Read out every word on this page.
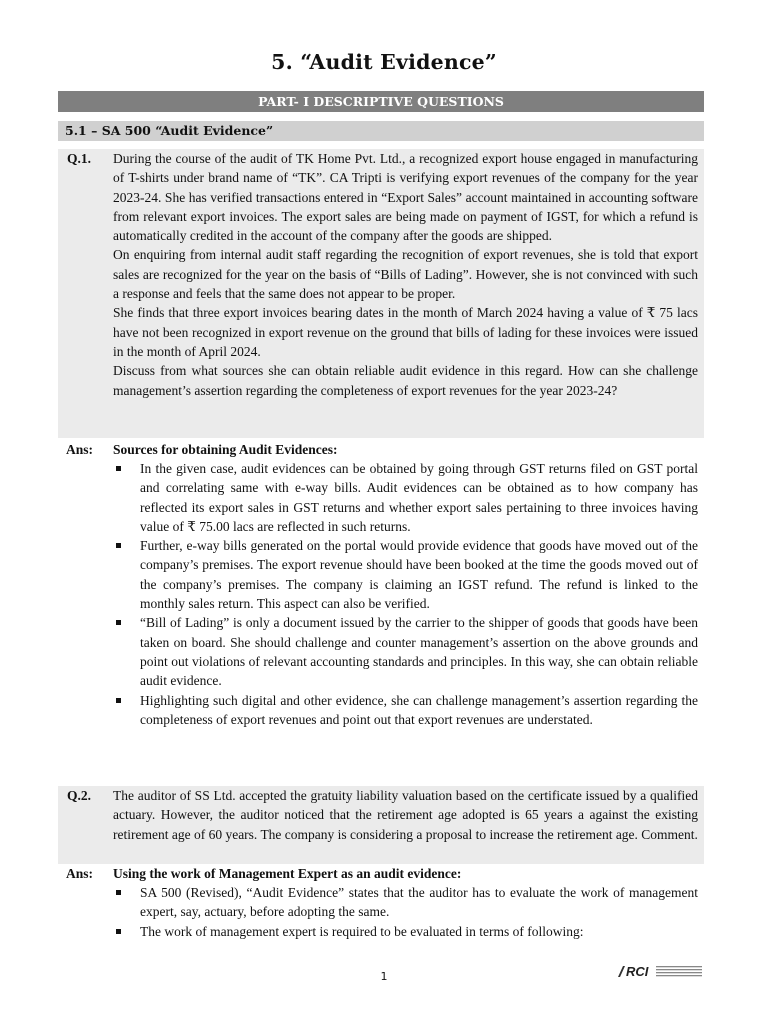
5. “Audit Evidence”
PART- I DESCRIPTIVE QUESTIONS
5.1 – SA 500 “Audit Evidence”
Q.1. During the course of the audit of TK Home Pvt. Ltd., a recognized export house engaged in manufacturing of T-shirts under brand name of “TK”. CA Tripti is verifying export revenues of the company for the year 2023-24. She has verified transactions entered in “Export Sales” account maintained in accounting software from relevant export invoices. The export sales are being made on payment of IGST, for which a refund is automatically credited in the account of the company after the goods are shipped.

On enquiring from internal audit staff regarding the recognition of export revenues, she is told that export sales are recognized for the year on the basis of “Bills of Lading”. However, she is not convinced with such a response and feels that the same does not appear to be proper.

She finds that three export invoices bearing dates in the month of March 2024 having a value of ₹ 75 lacs have not been recognized in export revenue on the ground that bills of lading for these invoices were issued in the month of April 2024.

Discuss from what sources she can obtain reliable audit evidence in this regard. How can she challenge management’s assertion regarding the completeness of export revenues for the year 2023-24?

Ans: Sources for obtaining Audit Evidences:
In the given case, audit evidences can be obtained by going through GST returns filed on GST portal and correlating same with e-way bills. Audit evidences can be obtained as to how company has reflected its export sales in GST returns and whether export sales pertaining to three invoices having value of ₹ 75.00 lacs are reflected in such returns.
Further, e-way bills generated on the portal would provide evidence that goods have moved out of the company’s premises. The export revenue should have been booked at the time the goods moved out of the company’s premises. The company is claiming an IGST refund. The refund is linked to the monthly sales return. This aspect can also be verified.
“Bill of Lading” is only a document issued by the carrier to the shipper of goods that goods have been taken on board. She should challenge and counter management’s assertion on the above grounds and point out violations of relevant accounting standards and principles. In this way, she can obtain reliable audit evidence.
Highlighting such digital and other evidence, she can challenge management’s assertion regarding the completeness of export revenues and point out that export revenues are understated.
Q.2. The auditor of SS Ltd. accepted the gratuity liability valuation based on the certificate issued by a qualified actuary. However, the auditor noticed that the retirement age adopted is 65 years a against the existing retirement age of 60 years. The company is considering a proposal to increase the retirement age. Comment.

Ans: Using the work of Management Expert as an audit evidence:
SA 500 (Revised), “Audit Evidence” states that the auditor has to evaluate the work of management expert, say, actuary, before adopting the same.
The work of management expert is required to be evaluated in terms of following:
1	RCI
